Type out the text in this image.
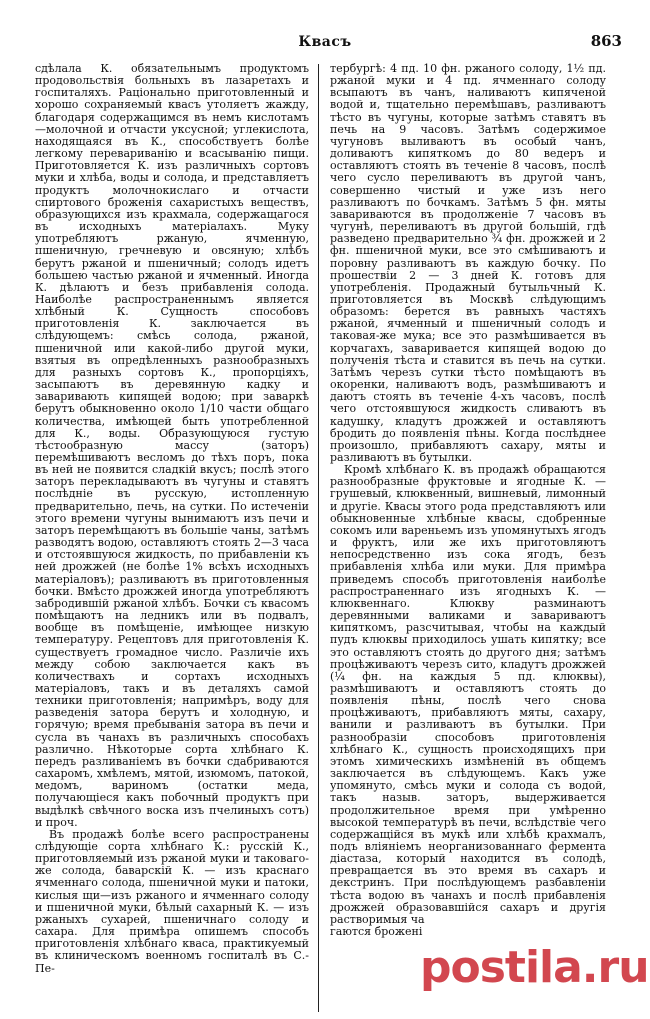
Квасъ	863

сдѣлала К. обязательнымъ продуктомъ продовольствія больныхъ въ лазаретахъ и госпиталяхъ. Раціонально приготовленный и хорошо сохраняемый квасъ утоляетъ жажду, благодаря содержащимся въ немъ кислотамъ—молочной и отчасти уксусной; углекислота, находящаяся въ К., способствуетъ болѣе легкому перевариванію и всасыванію пищи. Приготовляется К. изъ различныхъ сортовъ муки и хлѣба, воды и солода, и представляетъ продуктъ молочнокислаго и отчасти спиртового броженія сахаристыхъ веществъ, образующихся изъ крахмала, содержащагося въ исходныхъ матеріалахъ. Муку употребляютъ ржаную, ячменную, пшеничную, гречневую и овсяную; хлѣбъ берутъ ржаной и пшеничный; солодъ идетъ большею частью ржаной и ячменный. Иногда К. дѣлаютъ и безъ прибавленія солода. Наиболѣе распространеннымъ является хлѣбный К. Сущность способовъ приготовленія К. заключается въ слѣдующемъ: смѣсь солода, ржаной, пшеничной или какой-либо другой муки, взятыя въ опредѣленныхъ разнообразныхъ для разныхъ сортовъ К., пропорціяхъ, засыпаютъ въ деревянную кадку и заваривають кипящей водою; при заваркѣ берутъ обыкновенно около 1/10 части общаго количества, имѣющей быть употребленной для К., воды. Образующуюся густую тѣстообразную массу (заторъ) перемѣшиваютъ весломъ до тѣхъ поръ, пока въ ней не появится сладкій вкусъ; послѣ этого заторъ перекладываютъ въ чугуны и ставятъ послѣдніе въ русскую, истопленную предварительно, печь, на сутки. По истеченіи этого времени чугуны вынимаютъ изъ печи и заторъ перемѣщаютъ въ большіе чаны, затѣмъ разводятъ водою, оставляютъ стоять 2—3 часа и отстоявшуюся жидкость, по прибавленіи къ ней дрожжей (не болѣе 1% всѣхъ исходныхъ матеріаловъ); разливаютъ въ приготовленныя бочки. Вмѣсто дрожжей иногда употребляютъ забродившій ржаной хлѣбъ. Бочки съ квасомъ помѣщаютъ на ледникъ или въ подвалъ, вообще въ помѣщеніе, имѣющее низкую температуру. Рецептовъ для приготовленія К. существуетъ громадное число. Различіе ихъ между собою заключается какъ въ количествахъ и сортахъ исходныхъ матеріаловъ, такъ и въ деталяхъ самой техники приготовленія; напримѣръ, воду для разведенія затора берутъ и холодную, и горячую; время пребыванія затора въ печи и сусла въ чанахъ въ различныхъ способахъ различно. Нѣкоторые сорта хлѣбнаго К. передъ разливаніемъ въ бочки сдабриваются сахаромъ, хмѣлемъ, мятой, изюмомъ, патокой, медомъ, вариномъ (остатки меда, получающіеся какъ побочный продуктъ при выдѣлкѣ свѣчного воска изъ пчелиныхъ сотъ) и проч.

Въ продажѣ болѣе всего распространены слѣдующіе сорта хлѣбнаго К.: русскій К., приготовляемый изъ ржаной муки и таковаго-же солода, баварскій К. — изъ краснаго ячменнаго солода, пшеничной муки и патоки, кислыя щи—изъ ржаного и ячменнаго солоду и пшеничной муки, бѣлый сахарный К. — изъ ржаныхъ сухарей, пшеничнаго солоду и сахара. Для примѣра опишемъ способъ приготовленія хлѣбнаго кваса, практикуемый въ клиническомъ военномъ госпиталѣ въ С.-Пе-

тербургѣ: 4 пд. 10 фн. ржаного солоду, 1½ пд. ржаной муки и 4 пд. ячменнаго солоду всыпаютъ въ чанъ, наливаютъ кипяченой водой и, тщательно перемѣшавъ, разливаютъ тѣсто въ чугуны, которые затѣмъ ставятъ въ печь на 9 часовъ. Затѣмъ содержимое чугуновъ выливаютъ въ особый чанъ, доливаютъ кипяткомъ до 80 ведеръ и оставляютъ стоять въ теченіе 8 часовъ, послѣ чего сусло переливаютъ въ другой чанъ, совершенно чистый и уже изъ него разливаютъ по бочкамъ. Затѣмъ 5 фн. мяты завариваются въ продолженіе 7 часовъ въ чугунѣ, переливаютъ въ другой большій, гдѣ разведено предварительно ¾ фн. дрожжей и 2 фн. пшеничной муки, все это смѣшиваютъ и поровну разливаютъ въ каждую бочку. По прошествіи 2 — 3 дней К. готовъ для употребленія. Продажный бутыльчный К. приготовляется въ Москвѣ слѣдующимъ образомъ: берется въ равныхъ частяхъ ржаной, ячменный и пшеничный солодъ и таковая-же мука; все это размѣшивается въ корчагахъ, заваривается кипящей водою до полученія тѣста и ставится въ печь на сутки. Затѣмъ черезъ сутки тѣсто помѣщаютъ въ окоренки, наливаютъ водъ, размѣшиваютъ и даютъ стоять въ теченіе 4-хъ часовъ, послѣ чего отстоявшуюся жидкость сливаютъ въ кадушку, кладутъ дрожжей и оставляютъ бродить до появленія пѣны. Когда послѣднее произошло, прибавляютъ сахару, мяты и разливаютъ въ бутылки.

Кромѣ хлѣбнаго К. въ продажѣ обращаются разнообразные фруктовые и ягодные К. — грушевый, клюквенный, вишневый, лимонный и другіе. Квасы этого рода представляютъ или обыкновенные хлѣбные квасы, сдобренные сокомъ или вареньемъ изъ упомянутыхъ ягодъ и фруктъ, или же ихъ приготовляютъ непосредственно изъ сока ягодъ, безъ прибавленія хлѣба или муки. Для примѣра приведемъ способъ приготовленія наиболѣе распространеннаго изъ ягодныхъ К. — клюквеннаго. Клюкву разминаютъ деревянными валиками и завариваютъ кипяткомъ, разсчитывая, чтобы на каждый пудъ клюквы приходилось ушать кипятку; все это оставляютъ стоять до другого дня; затѣмъ процѣживаютъ черезъ сито, кладутъ дрожжей (¼ фн. на каждыя 5 пд. клюквы), размѣшиваютъ и оставляютъ стоять до появленія пѣны, послѣ чего снова процѣживаютъ, прибавляютъ мяты, сахару, ванили и разливаютъ въ бутылки. При разнообразіи способовъ приготовленія хлѣбнаго К., сущность происходящихъ при этомъ химическихъ измѣненій въ общемъ заключается въ слѣдующемъ. Какъ уже упомянуто, смѣсь муки и солода съ водой, такъ назыв. заторъ, выдерживается продолжительное время при умѣренно высокой температурѣ въ печи, вслѣдствіе чего содержащійся въ мукѣ или хлѣбѣ крахмалъ, подъ вліяніемъ неорганизованнаго фермента діастаза, который находится въ солодѣ, превращается въ это время въ сахаръ и декстринъ. При послѣдующемъ разбавленіи тѣста водою въ чанахъ и послѣ прибавленія дрожжей образовавшійся сахаръ и другія растворимыя ча

гаются брожені

postila.ru
